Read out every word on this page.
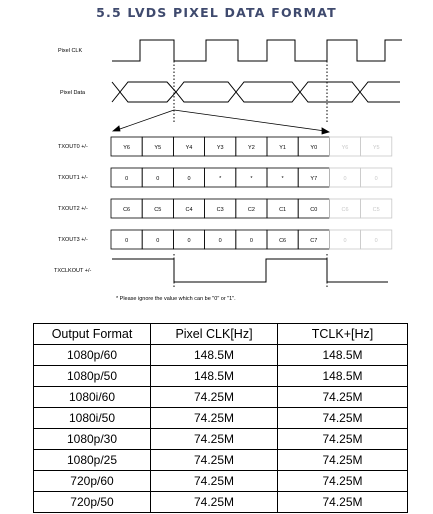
5.5 LVDS PIXEL DATA FORMAT
Pixel CLK
Pixel Data
TXOUT0 +/-
TXOUT1 +/-
TXOUT2 +/-
TXOUT3 +/-
TXCLKOUT +/-
Y6	Y5	Y4	Y3	Y2	Y1	Y0	Y6	Y5
0	0	0	*	*	*	Y7	0	0
C6	C5	C4	C3	C2	C1	C0	C6	C5
0	0	0	0	0	C6	C7	0	0
* Please ignore the value which can be "0" or "1".
Output Format	Pixel CLK[Hz]	TCLK+[Hz]
1080p/60	148.5M	148.5M
1080p/50	148.5M	148.5M
1080i/60	74.25M	74.25M
1080i/50	74.25M	74.25M
1080p/30	74.25M	74.25M
1080p/25	74.25M	74.25M
720p/60	74.25M	74.25M
720p/50	74.25M	74.25M
